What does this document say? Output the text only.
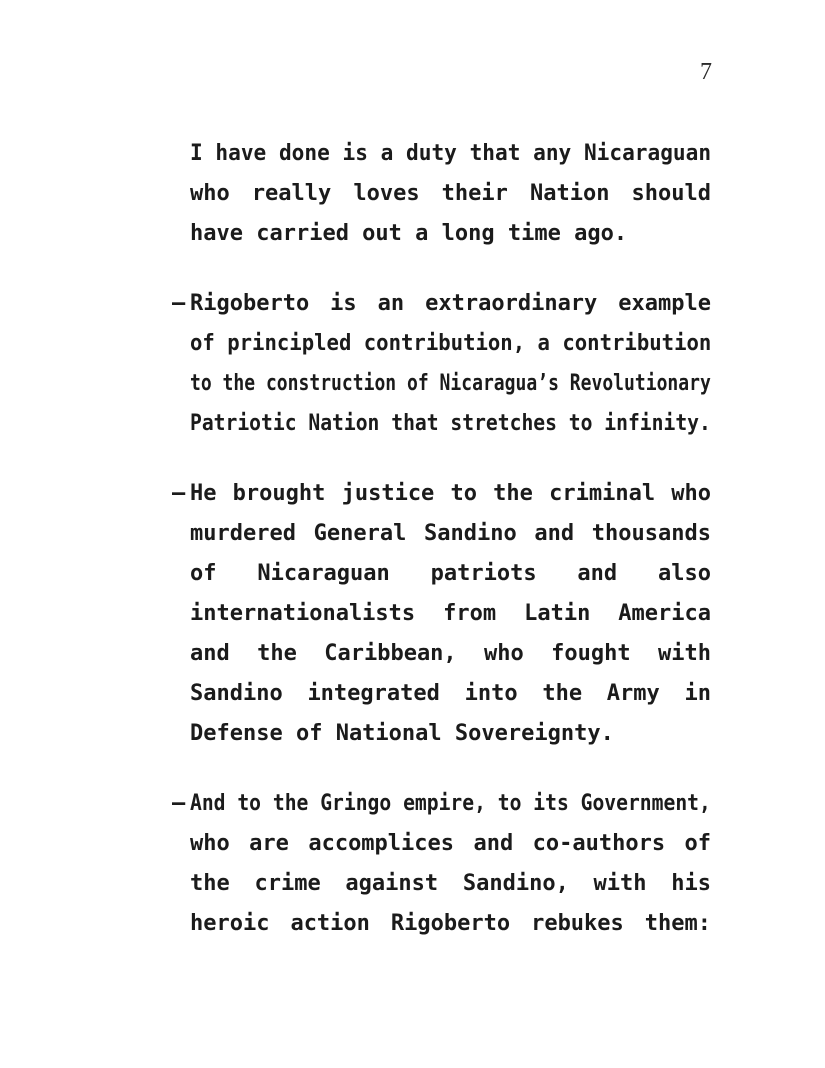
7
I have done is a duty that any Nicaraguan
who really loves their Nation should
have carried out a long time ago.
– Rigoberto is an extraordinary example
of principled contribution, a contribution
to the construction of Nicaragua’s Revolutionary
Patriotic Nation that stretches to infinity.
– He brought justice to the criminal who
murdered General Sandino and thousands
of Nicaraguan patriots and also
internationalists from Latin America
and the Caribbean, who fought with
Sandino integrated into the Army in
Defense of National Sovereignty.
– And to the Gringo empire, to its Government,
who are accomplices and co-authors of
the crime against Sandino, with his
heroic action Rigoberto rebukes them:
